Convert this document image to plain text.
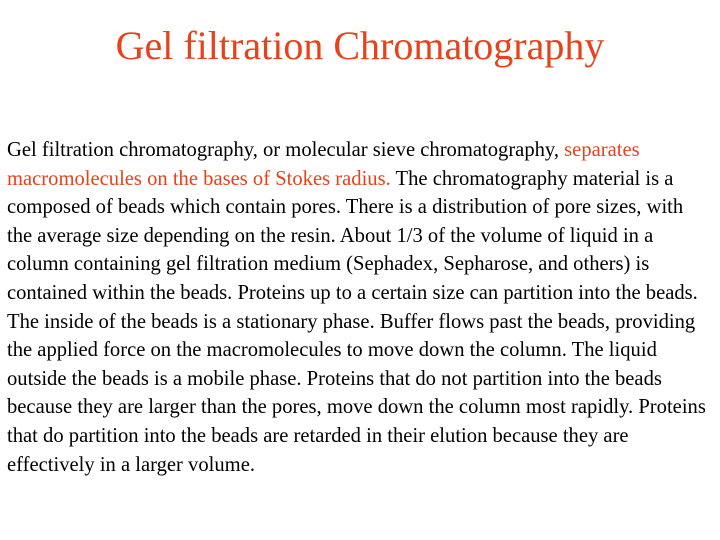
Gel filtration Chromatography

Gel filtration chromatography, or molecular sieve chromatography, separates macromolecules on the bases of Stokes radius. The chromatography material is a composed of beads which contain pores. There is a distribution of pore sizes, with the average size depending on the resin. About 1/3 of the volume of liquid in a column containing gel filtration medium (Sephadex, Sepharose, and others) is contained within the beads. Proteins up to a certain size can partition into the beads. The inside of the beads is a stationary phase. Buffer flows past the beads, providing the applied force on the macromolecules to move down the column. The liquid outside the beads is a mobile phase. Proteins that do not partition into the beads because they are larger than the pores, move down the column most rapidly. Proteins that do partition into the beads are retarded in their elution because they are effectively in a larger volume.
